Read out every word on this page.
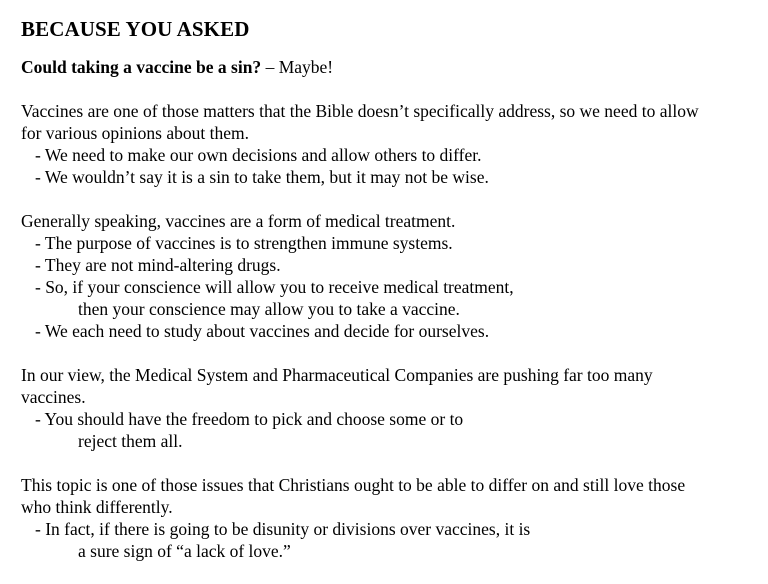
BECAUSE YOU ASKED
Could taking a vaccine be a sin? – Maybe!

Vaccines are one of those matters that the Bible doesn’t specifically address, so we need to allow

for various opinions about them.

- We need to make our own decisions and allow others to differ.

- We wouldn’t say it is a sin to take them, but it may not be wise.

Generally speaking, vaccines are a form of medical treatment.

- The purpose of vaccines is to strengthen immune systems.

- They are not mind-altering drugs.

- So, if your conscience will allow you to receive medical treatment,

then your conscience may allow you to take a vaccine.

- We each need to study about vaccines and decide for ourselves.

In our view, the Medical System and Pharmaceutical Companies are pushing far too many

vaccines.

- You should have the freedom to pick and choose some or to

reject them all.

This topic is one of those issues that Christians ought to be able to differ on and still love those

who think differently.

- In fact, if there is going to be disunity or divisions over vaccines, it is

a sure sign of “a lack of love.”
